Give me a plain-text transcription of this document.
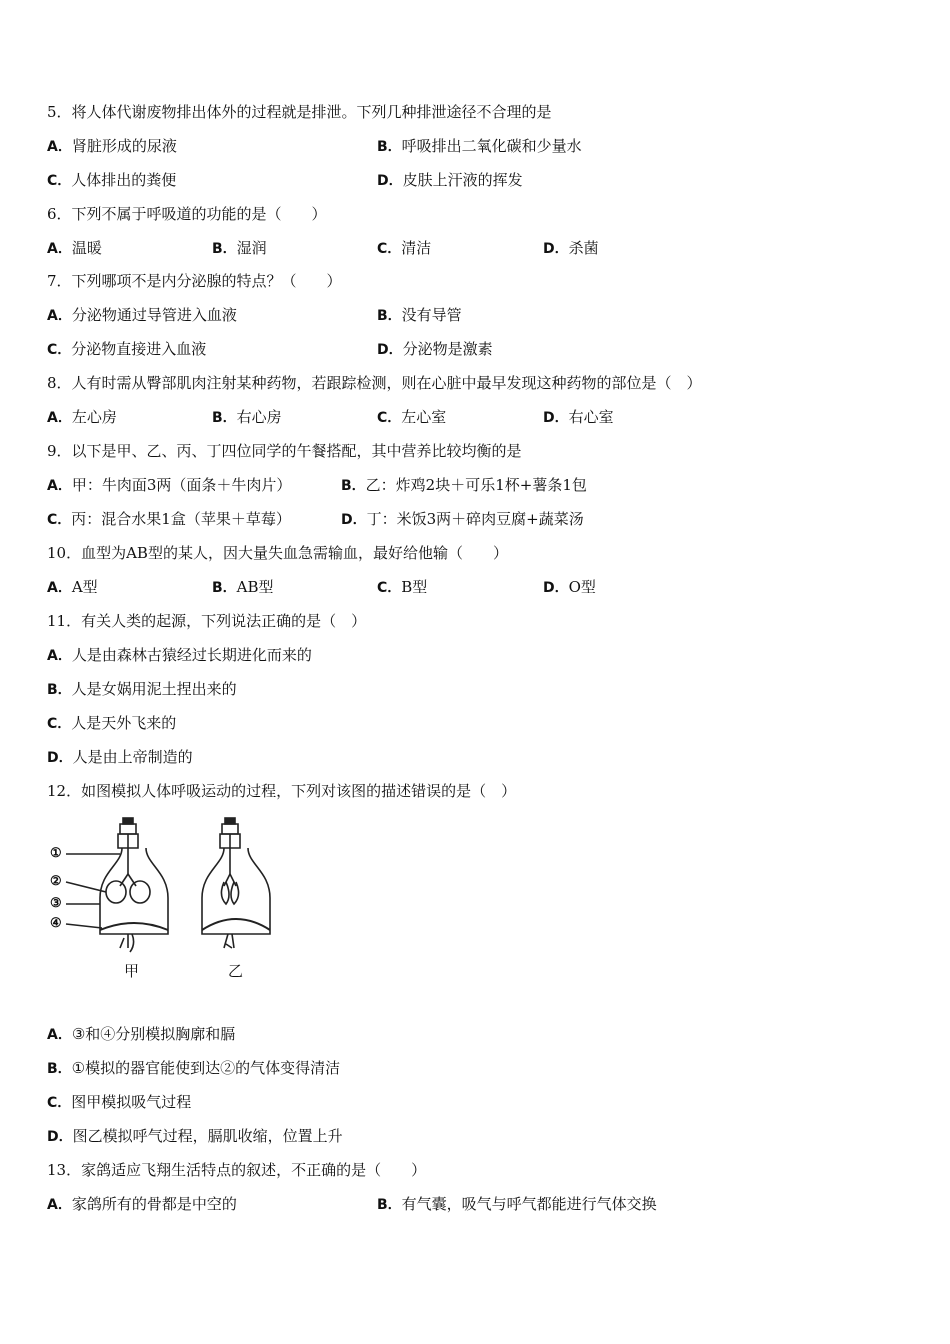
5．将人体代谢废物排出体外的过程就是排泄。下列几种排泄途径不合理的是
A．肾脏形成的尿液	B．呼吸排出二氧化碳和少量水
C．人体排出的粪便	D．皮肤上汗液的挥发
6．下列不属于呼吸道的功能的是（　　）
A．温暖	B．湿润	C．清洁	D．杀菌
7．下列哪项不是内分泌腺的特点？（　　）
A．分泌物通过导管进入血液	B．没有导管
C．分泌物直接进入血液	D．分泌物是激素
8．人有时需从臀部肌肉注射某种药物，若跟踪检测，则在心脏中最早发现这种药物的部位是（　）
A．左心房	B．右心房	C．左心室	D．右心室
9．以下是甲、乙、丙、丁四位同学的午餐搭配，其中营养比较均衡的是
A．甲：牛肉面3两（面条＋牛肉片）	B．乙：炸鸡2块＋可乐1杯+薯条1包
C．丙：混合水果1盒（苹果＋草莓）	D．丁：米饭3两＋碎肉豆腐+蔬菜汤
10．血型为AB型的某人，因大量失血急需输血，最好给他输（　　）
A．A型	B．AB型	C．B型	D．O型
11．有关人类的起源，下列说法正确的是（　）
A．人是由森林古猿经过长期进化而来的
B．人是女娲用泥土捏出来的
C．人是天外飞来的
D．人是由上帝制造的
12．如图模拟人体呼吸运动的过程，下列对该图的描述错误的是（　）
①
②
③
④
甲	乙
A．③和④分别模拟胸廓和膈
B．①模拟的器官能使到达②的气体变得清洁
C．图甲模拟吸气过程
D．图乙模拟呼气过程，膈肌收缩，位置上升
13．家鸽适应飞翔生活特点的叙述，不正确的是（　　）
A．家鸽所有的骨都是中空的	B．有气囊，吸气与呼气都能进行气体交换
